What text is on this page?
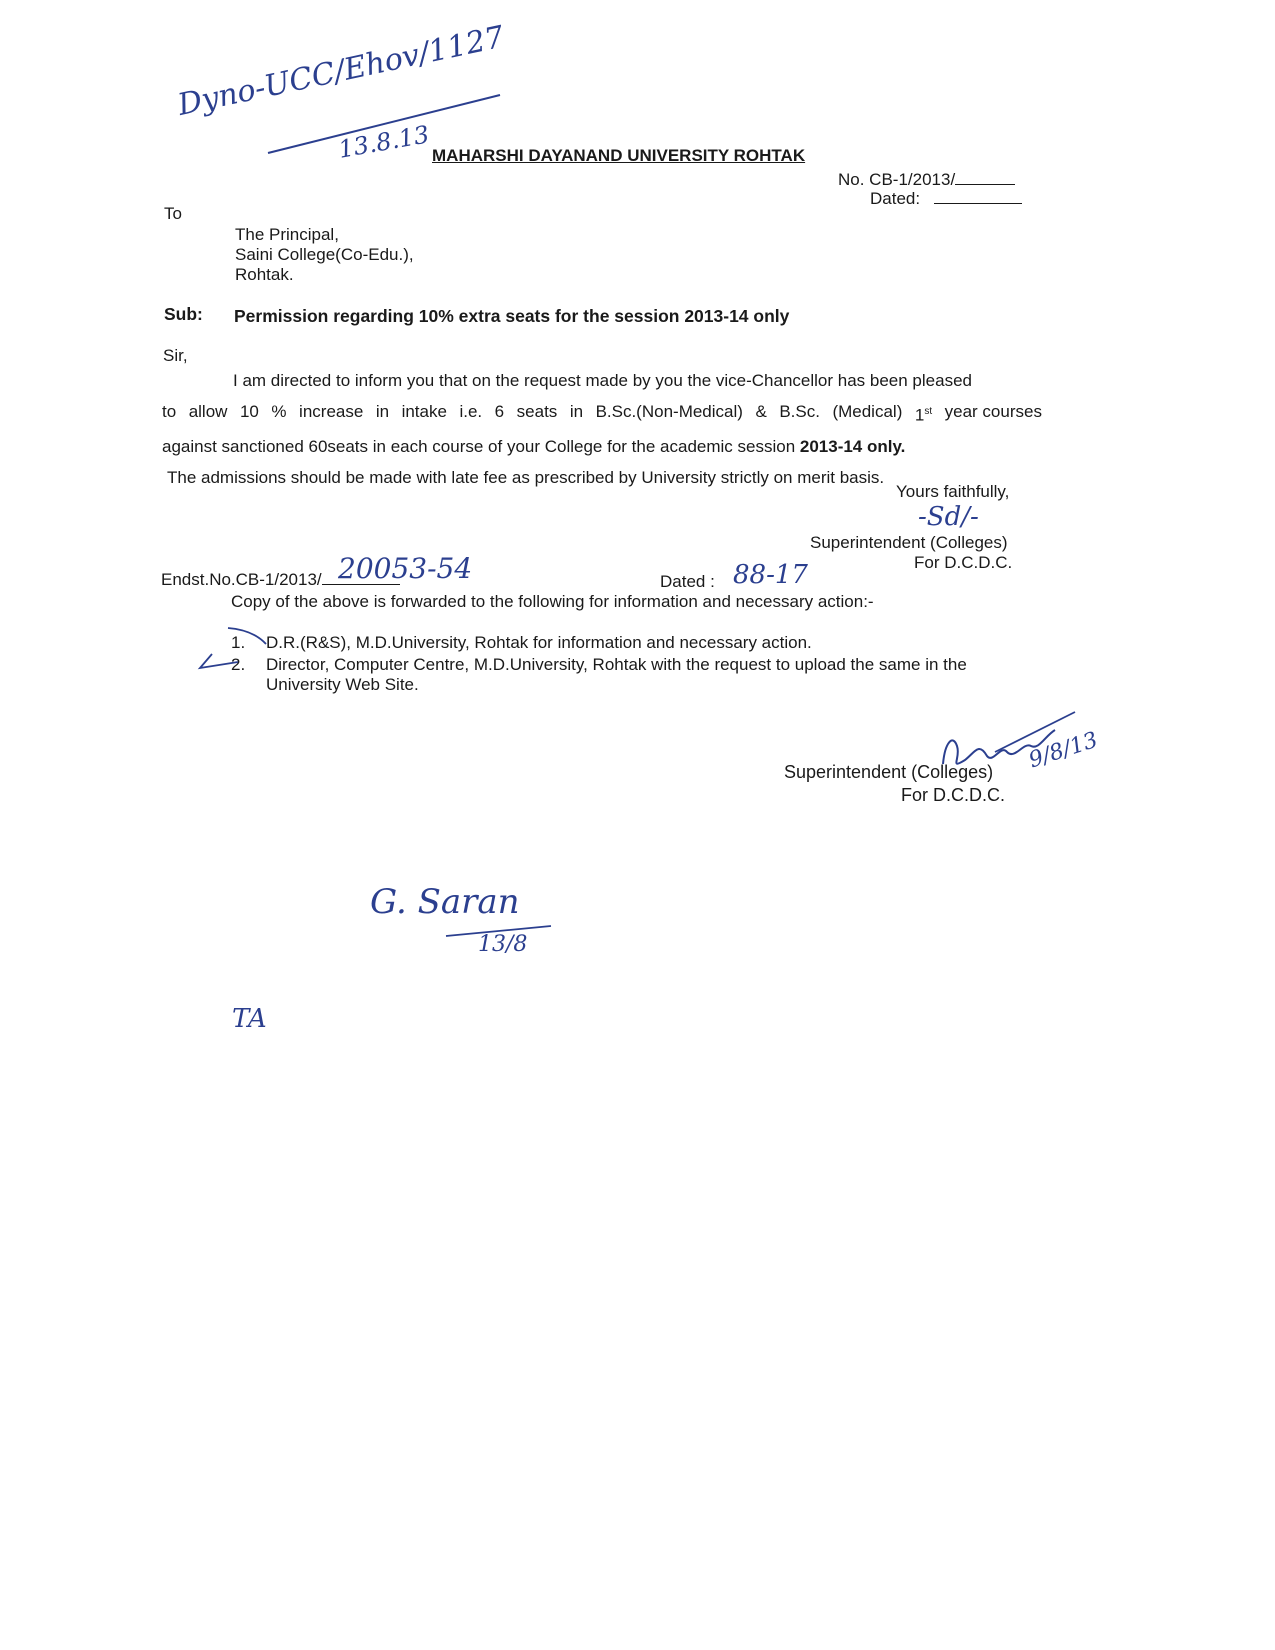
Dyno-UCC/Ehov/1127
13.8.13 MAHARSHI DAYANAND UNIVERSITY ROHTAK
No. CB-1/2013/
Dated:
To
The Principal,
Saini College(Co-Edu.),
Rohtak.
Sub: Permission regarding 10% extra seats for the session 2013-14 only
Sir,
I am directed to inform you that on the request made by you the vice-Chancellor has been pleased
to allow 10 % increase in intake i.e. 6 seats in B.Sc.(Non-Medical) & B.Sc. (Medical) 1st year courses
against sanctioned 60seats in each course of your College for the academic session 2013-14 only.
The admissions should be made with late fee as prescribed by University strictly on merit basis.
Yours faithfully,
-Sd/-
Superintendent (Colleges)
For D.C.D.C.
Endst.No.CB-1/2013/ 20053-54	Dated : 88-17
Copy of the above is forwarded to the following for information and necessary action:-
1. D.R.(R&S), M.D.University, Rohtak for information and necessary action.
2. Director, Computer Centre, M.D.University, Rohtak with the request to upload the same in the
University Web Site.
9/8/13
Superintendent (Colleges)
For D.C.D.C.
G. Saran
13/8
TA
